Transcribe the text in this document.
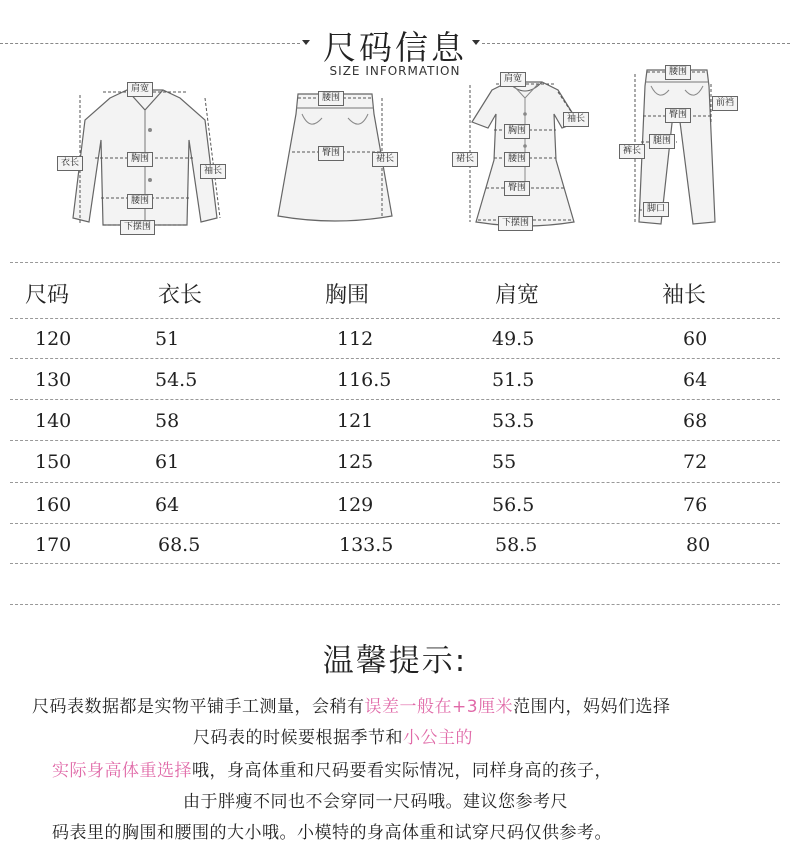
尺码信息
SIZE INFORMATION
肩宽
衣长	胸围
袖长
腰围
下摆围
腰围
臀围
裙长
肩宽
袖长
裙长
胸围
腰围
臀围
下摆围
腰围
前裆
臀围
腿围
裤长
脚口
尺码	衣长	胸围	肩宽	袖长
120	51	112	49.5	60
130	54.5	116.5	51.5	64
140	58	121	53.5	68
150	61	125	55	72
160	64	129	56.5	76
170	68.5	133.5	58.5	80
温馨提示:
尺码表数据都是实物平铺手工测量，会稍有误差一般在+3厘米范围内，妈妈们选择
尺码表的时候要根据季节和小公主的
实际身高体重选择哦，身高体重和尺码要看实际情况，同样身高的孩子，
由于胖瘦不同也不会穿同一尺码哦。建议您参考尺
码表里的胸围和腰围的大小哦。小模特的身高体重和试穿尺码仅供参考。
